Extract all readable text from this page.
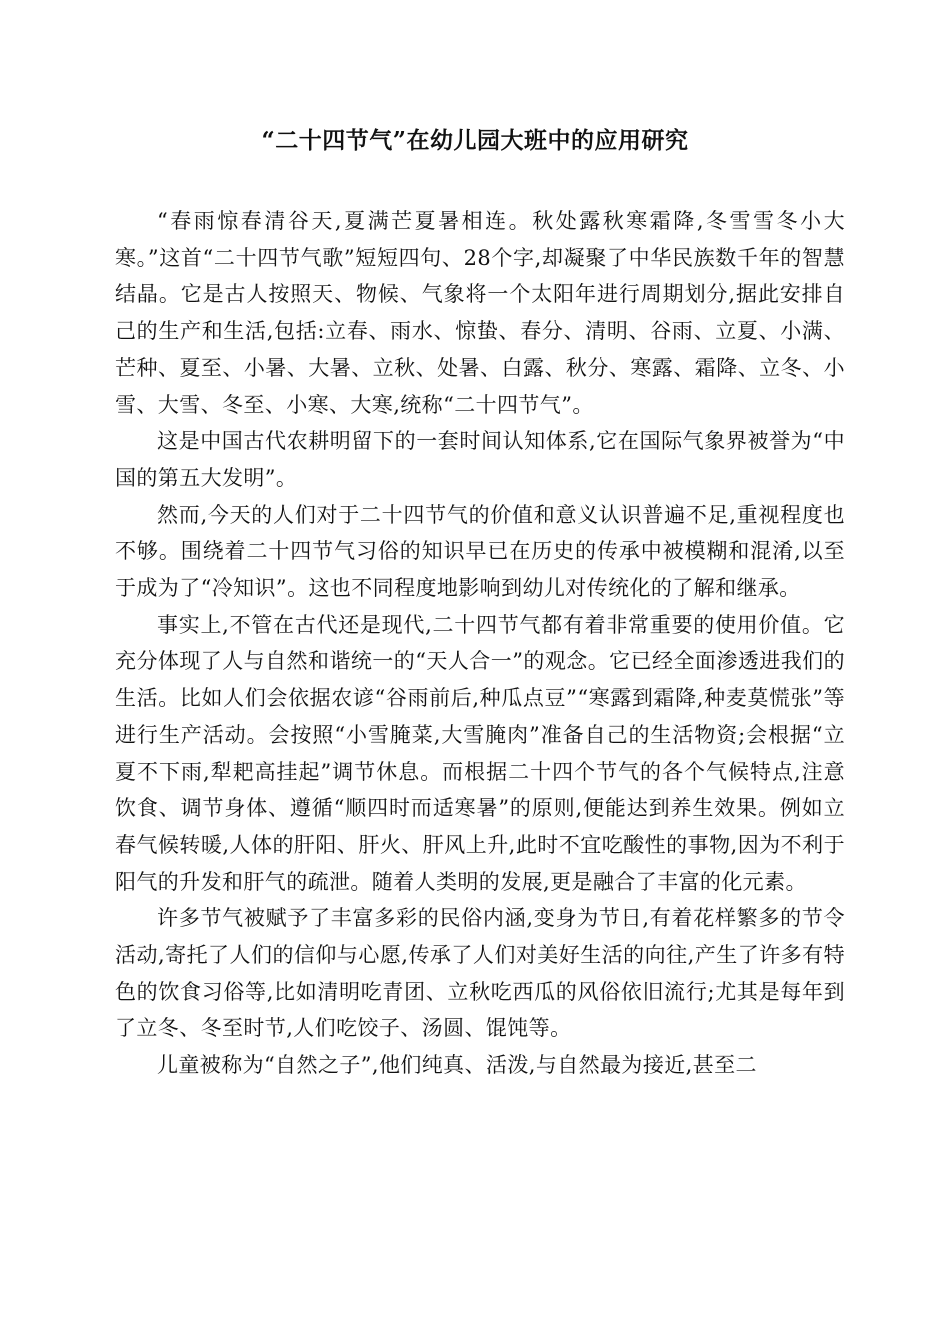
“二十四节气”在幼儿园大班中的应用研究

“春雨惊春清谷天,夏满芒夏暑相连。秋处露秋寒霜降,冬雪雪冬小大寒。”这首“二十四节气歌”短短四句、28个字,却凝聚了中华民族数千年的智慧结晶。它是古人按照天、物候、气象将一个太阳年进行周期划分,据此安排自己的生产和生活,包括:立春、雨水、惊蛰、春分、清明、谷雨、立夏、小满、芒种、夏至、小暑、大暑、立秋、处暑、白露、秋分、寒露、霜降、立冬、小雪、大雪、冬至、小寒、大寒,统称“二十四节气”。

这是中国古代农耕明留下的一套时间认知体系,它在国际气象界被誉为“中国的第五大发明”。

然而,今天的人们对于二十四节气的价值和意义认识普遍不足,重视程度也不够。围绕着二十四节气习俗的知识早已在历史的传承中被模糊和混淆,以至于成为了“冷知识”。这也不同程度地影响到幼儿对传统化的了解和继承。

事实上,不管在古代还是现代,二十四节气都有着非常重要的使用价值。它充分体现了人与自然和谐统一的“天人合一”的观念。它已经全面渗透进我们的生活。比如人们会依据农谚“谷雨前后,种瓜点豆”“寒露到霜降,种麦莫慌张”等进行生产活动。会按照“小雪腌菜,大雪腌肉”准备自己的生活物资;会根据“立夏不下雨,犁耙高挂起”调节休息。而根据二十四个节气的各个气候特点,注意饮食、调节身体、遵循“顺四时而适寒暑”的原则,便能达到养生效果。例如立春气候转暖,人体的肝阳、肝火、肝风上升,此时不宜吃酸性的事物,因为不利于阳气的升发和肝气的疏泄。随着人类明的发展,更是融合了丰富的化元素。

许多节气被赋予了丰富多彩的民俗内涵,变身为节日,有着花样繁多的节令活动,寄托了人们的信仰与心愿,传承了人们对美好生活的向往,产生了许多有特色的饮食习俗等,比如清明吃青团、立秋吃西瓜的风俗依旧流行;尤其是每年到了立冬、冬至时节,人们吃饺子、汤圆、馄饨等。

儿童被称为“自然之子”,他们纯真、活泼,与自然最为接近,甚至二
